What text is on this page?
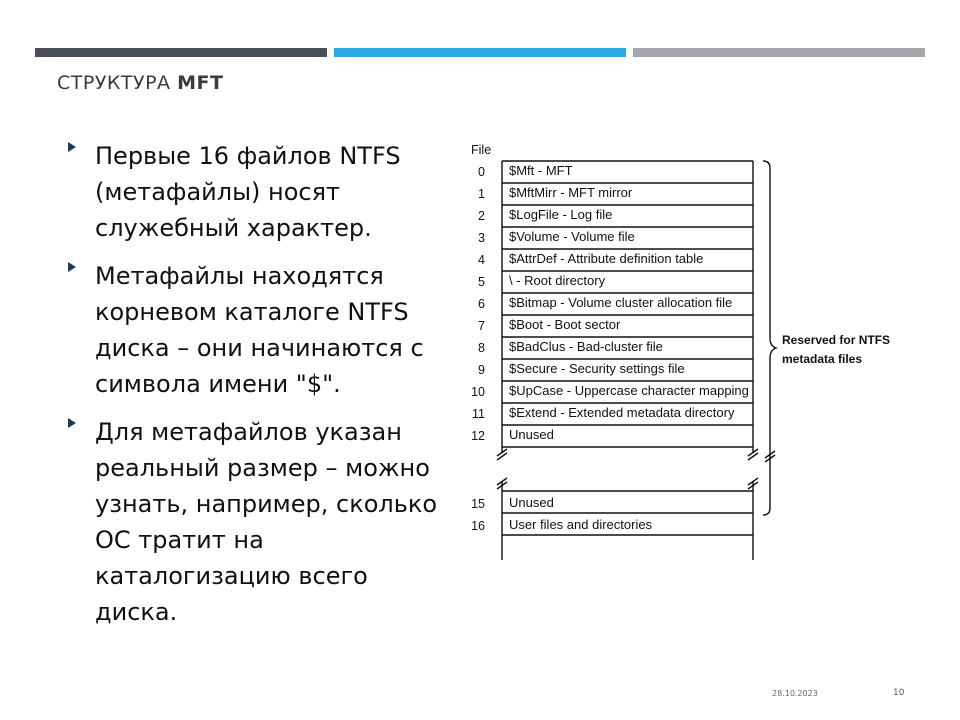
СТРУКТУРА MFT
Первые 16 файлов NTFS (метафайлы) носят служебный характер.
Метафайлы находятся корневом каталоге NTFS диска – они начинаются с символа имени "$".
Для метафайлов указан реальный размер – можно узнать, например, сколько ОС тратит на каталогизацию всего диска.
File
0 $Mft - MFT
1 $MftMirr - MFT mirror
2 $LogFile - Log file
3 $Volume - Volume file
4 $AttrDef - Attribute definition table
5 \ - Root directory
6 $Bitmap - Volume cluster allocation file
7 $Boot - Boot sector
8 $BadClus - Bad-cluster file
9 $Secure - Security settings file
10 $UpCase - Uppercase character mapping
11 $Extend - Extended metadata directory
12 Unused
15 Unused
16 User files and directories
Reserved for NTFS
metadata files
28.10.2023	10
